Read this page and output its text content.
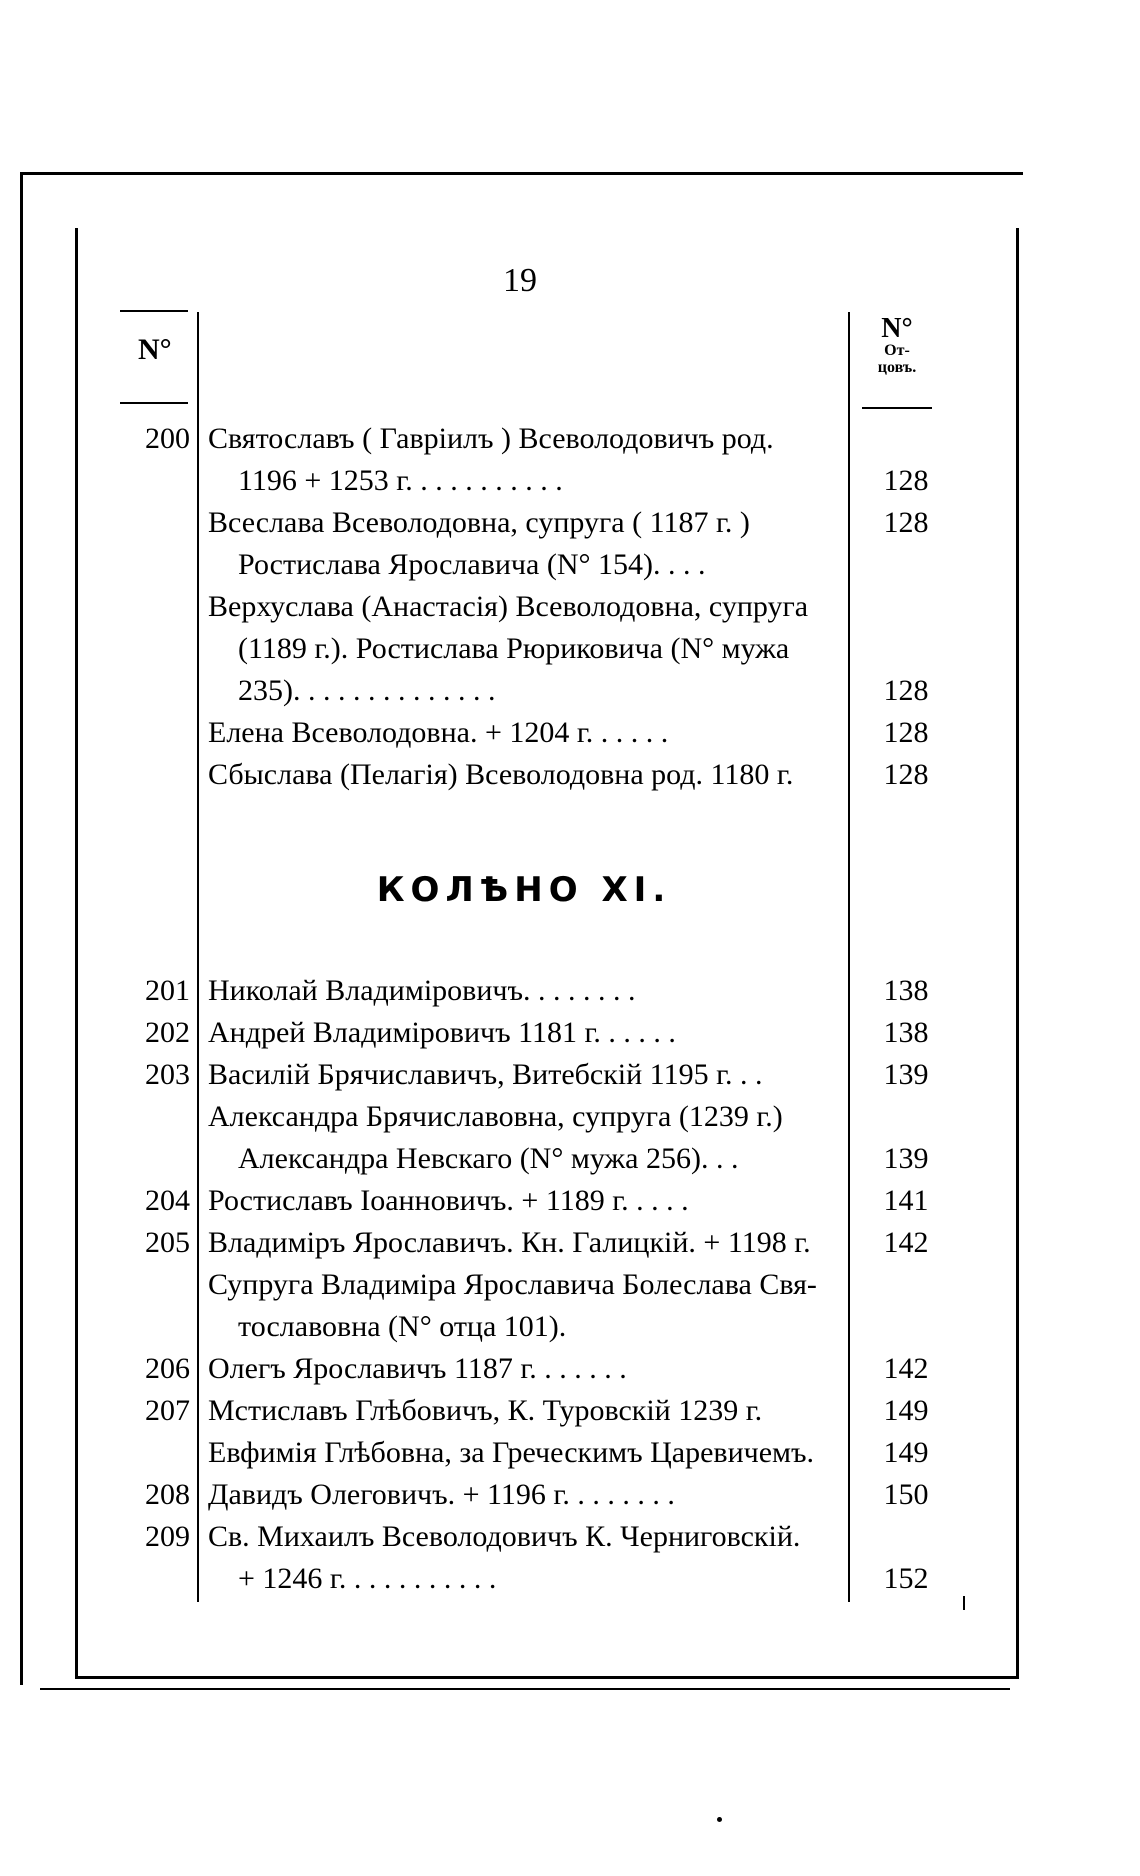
19
N°
N°
От-
цовъ.
200 Святославъ ( Гавріилъ ) Всеволодовичъ род.
1196 + 1253 г. . . . . . . . . . .	128
Всеслава Всеволодовна, супруга ( 1187 г. )	128
Ростислава Ярославича (N° 154). . . .
Верхуслава (Анастасія) Всеволодовна, супруга
(1189 г.). Ростислава Рюриковича (N° мужа
235). . . . . . . . . . . . . .	128
Елена Всеволодовна. + 1204 г. . . . . .	128
Сбыслава (Пелагія) Всеволодовна род. 1180 г.	128
КОЛѢНО XI.
201 Николай Владиміровичъ. . . . . . . .	138
202 Андрей Владиміровичъ 1181 г. . . . . .	138
203 Василій Брячиславичъ, Витебскій 1195 г. . .	139
Александра Брячиславовна, супруга (1239 г.)
Александра Невскаго (N° мужа 256). . .	139
204 Ростиславъ Іоанновичъ. + 1189 г. . . . .	141
205 Владиміръ Ярославичъ. Кн. Галицкій. + 1198 г.	142
Супруга Владиміра Ярославича Болеслава Свя-
тославовна (N° отца 101).
206 Олегъ Ярославичъ 1187 г. . . . . . .	142
207 Мстиславъ Глѣбовичъ, К. Туровскій 1239 г.	149
Евфимія Глѣбовна, за Греческимъ Царевичемъ.	149
208 Давидъ Олеговичъ. + 1196 г. . . . . . . .	150
209 Св. Михаилъ Всеволодовичъ К. Черниговскій.
+ 1246 г. . . . . . . . . . .	152
